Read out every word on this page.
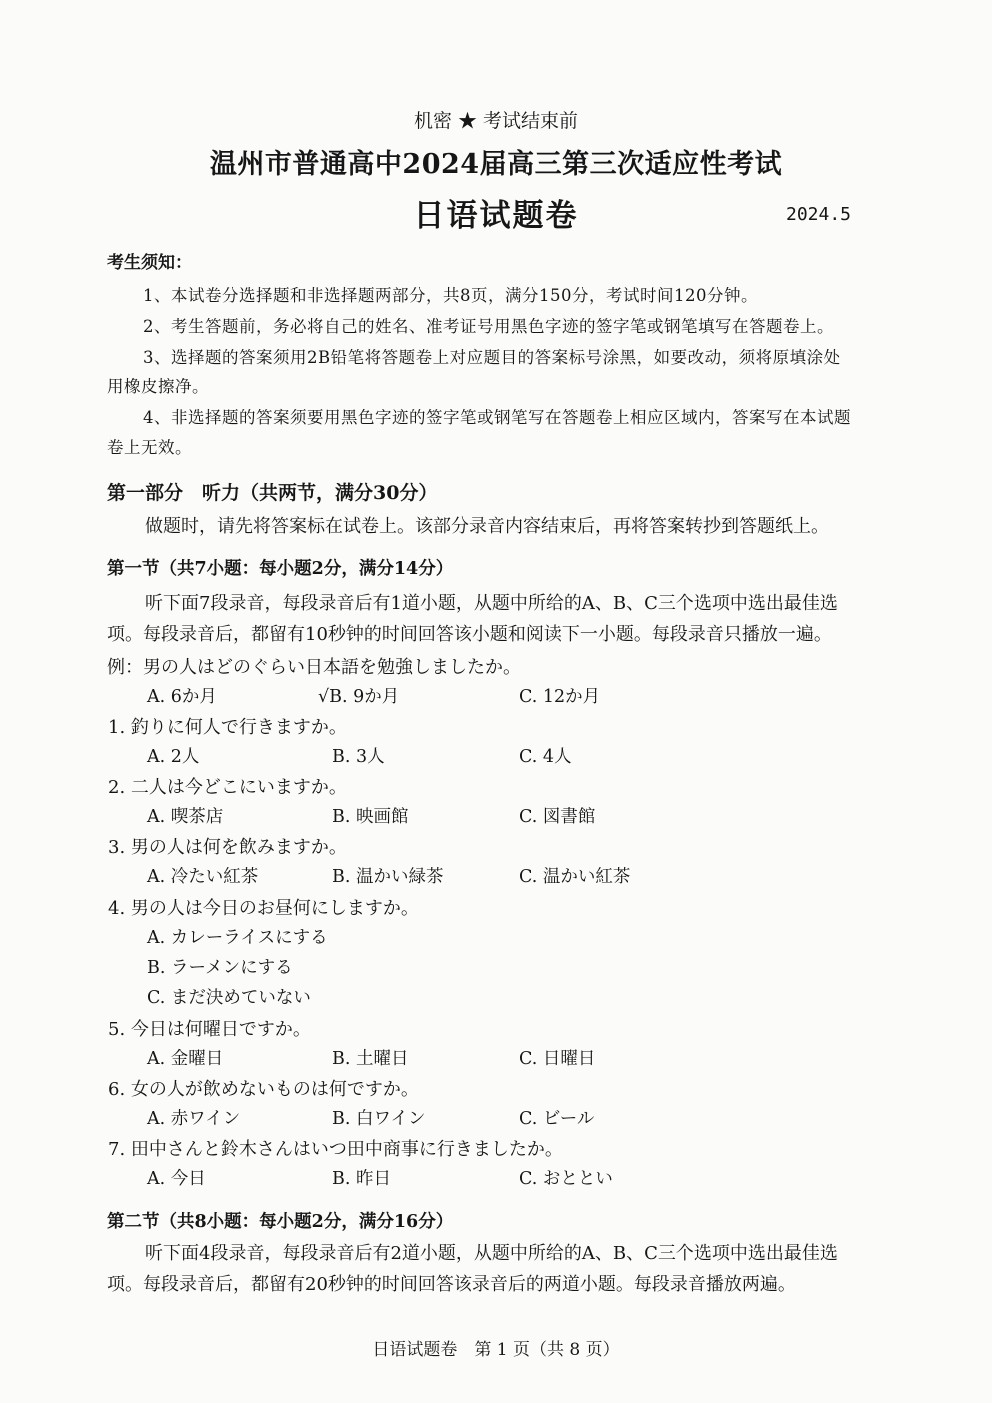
机密 ★ 考试结束前
温州市普通高中2024届高三第三次适应性考试
日语试题卷	2024.5
考生须知：
1、本试卷分选择题和非选择题两部分，共8页，满分150分，考试时间120分钟。
2、考生答题前，务必将自己的姓名、准考证号用黑色字迹的签字笔或钢笔填写在答题卷上。
3、选择题的答案须用2B铅笔将答题卷上对应题目的答案标号涂黑，如要改动，须将原填涂处
用橡皮擦净。
4、非选择题的答案须要用黑色字迹的签字笔或钢笔写在答题卷上相应区域内，答案写在本试题
卷上无效。
第一部分　听力（共两节，满分30分）
做题时，请先将答案标在试卷上。该部分录音内容结束后，再将答案转抄到答题纸上。
第一节（共7小题：每小题2分，满分14分）
听下面7段录音，每段录音后有1道小题，从题中所给的A、B、C三个选项中选出最佳选
项。每段录音后，都留有10秒钟的时间回答该小题和阅读下一小题。每段录音只播放一遍。
例：男の人はどのぐらい日本語を勉強しましたか。
A. 6か月	√B. 9か月	C. 12か月
1. 釣りに何人で行きますか。
A. 2人	B. 3人	C. 4人
2. 二人は今どこにいますか。
A. 喫茶店	B. 映画館	C. 図書館
3. 男の人は何を飲みますか。
A. 冷たい紅茶	B. 温かい緑茶	C. 温かい紅茶
4. 男の人は今日のお昼何にしますか。
A. カレーライスにする
B. ラーメンにする
C. まだ決めていない
5. 今日は何曜日ですか。
A. 金曜日	B. 土曜日	C. 日曜日
6. 女の人が飲めないものは何ですか。
A. 赤ワイン	B. 白ワイン	C. ビール
7. 田中さんと鈴木さんはいつ田中商事に行きましたか。
A. 今日	B. 昨日	C. おととい
第二节（共8小题：每小题2分，满分16分）
听下面4段录音，每段录音后有2道小题，从题中所给的A、B、C三个选项中选出最佳选
项。每段录音后，都留有20秒钟的时间回答该录音后的两道小题。每段录音播放两遍。
日语试题卷　第 1 页（共 8 页）
